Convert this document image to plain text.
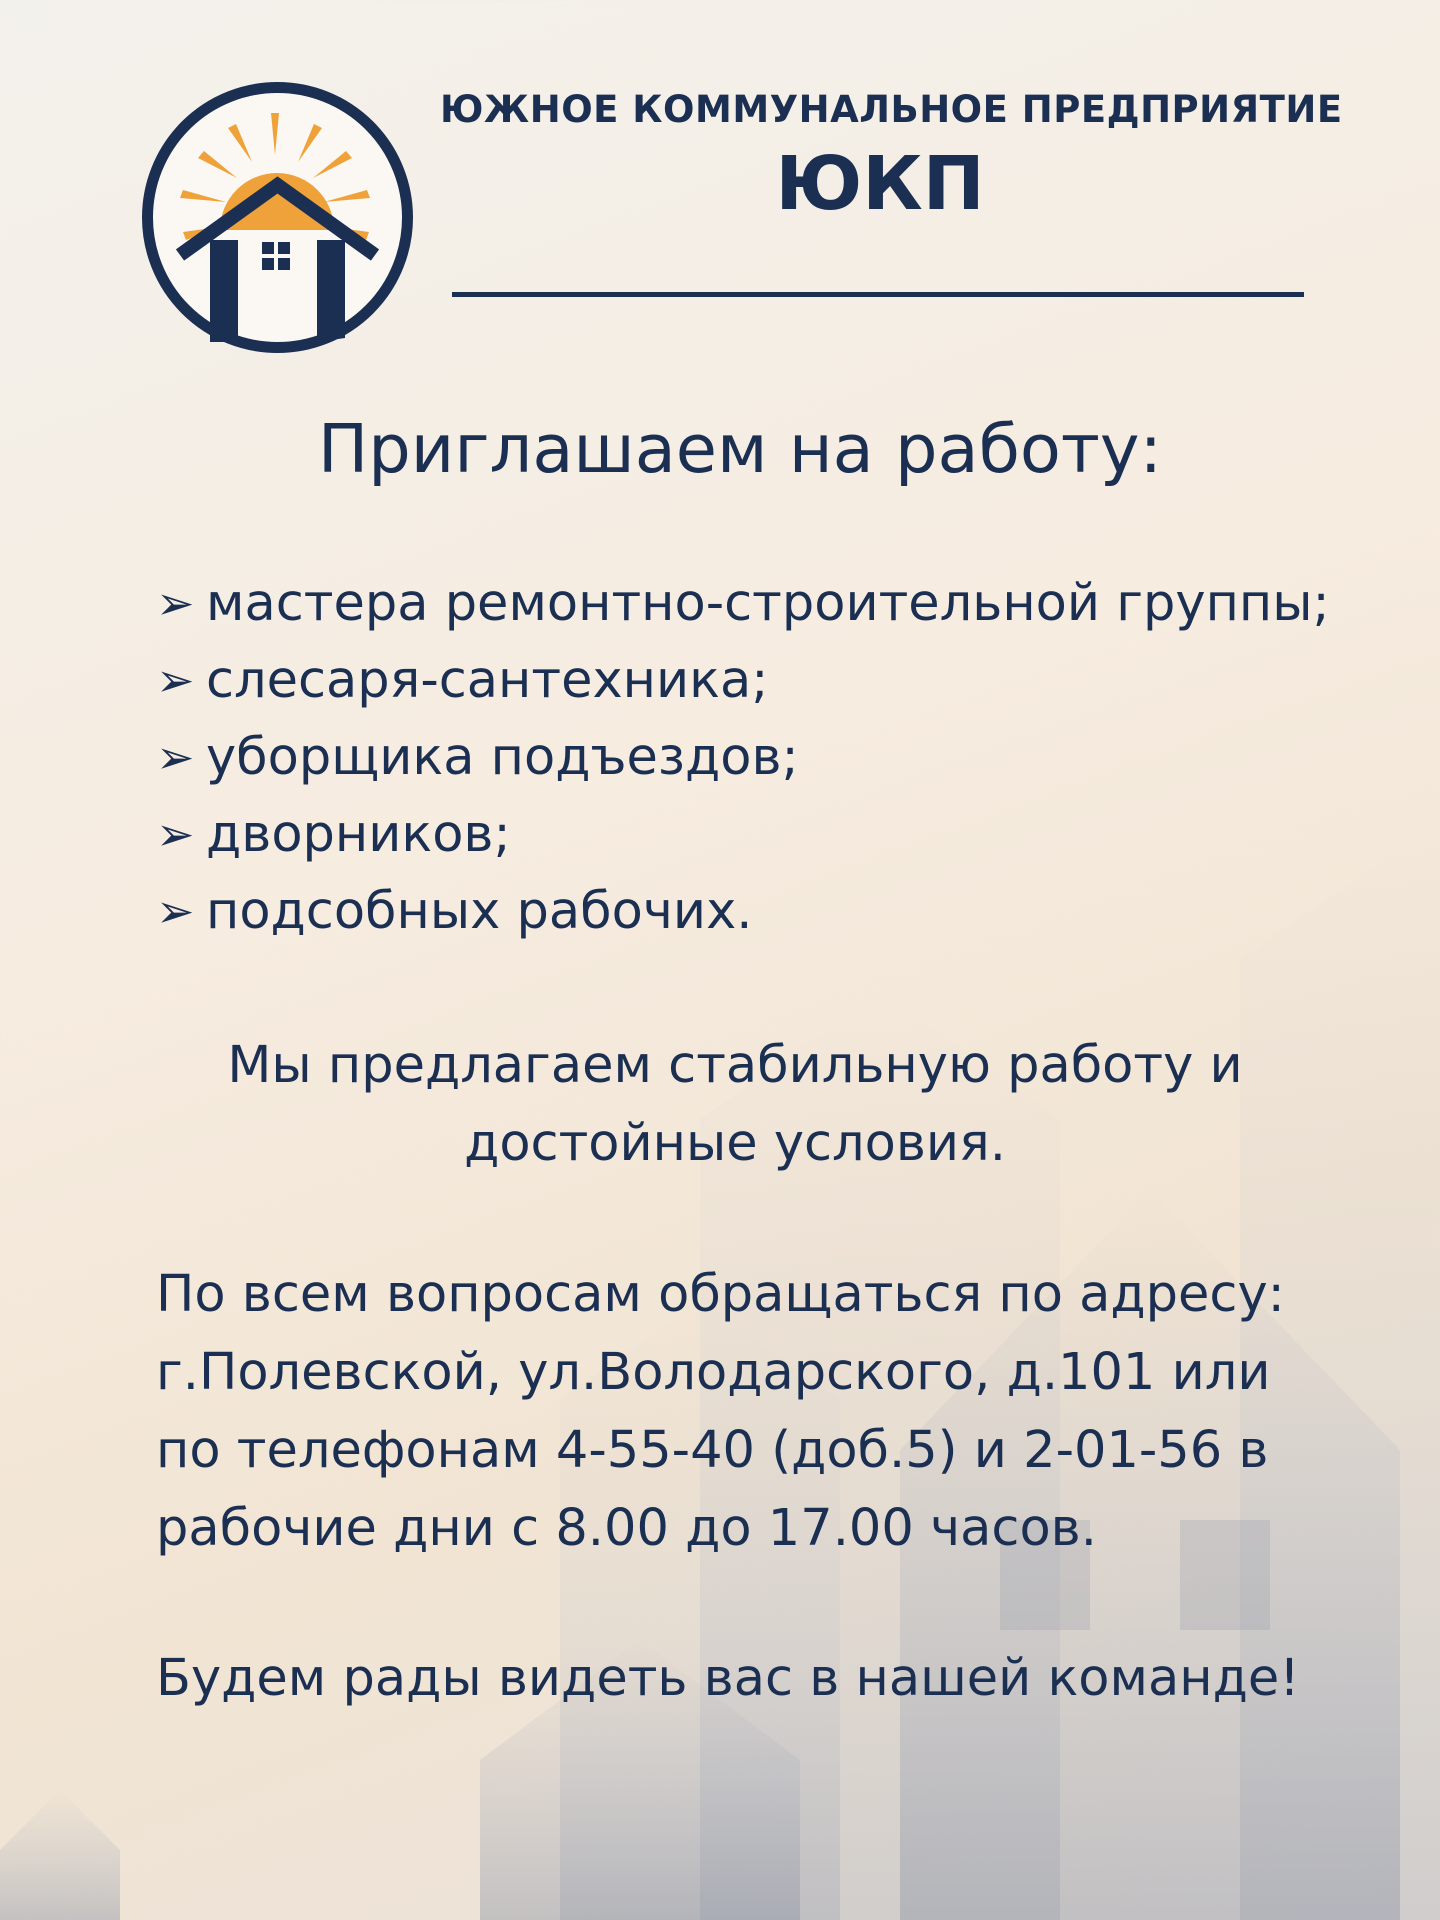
ЮЖНОЕ КОММУНАЛЬНОЕ ПРЕДПРИЯТИЕ
ЮКП
Приглашаем на работу:
➢ мастера ремонтно-строительной группы;
➢ слесаря-сантехника;
➢ уборщика подъездов;
➢ дворников;
➢ подсобных рабочих.
Мы предлагаем стабильную работу и
достойные условия.
По всем вопросам обращаться по адресу:
г.Полевской, ул.Володарского, д.101 или
по телефонам 4-55-40 (доб.5) и 2-01-56 в
рабочие дни с 8.00 до 17.00 часов.
Будем рады видеть вас в нашей команде!
